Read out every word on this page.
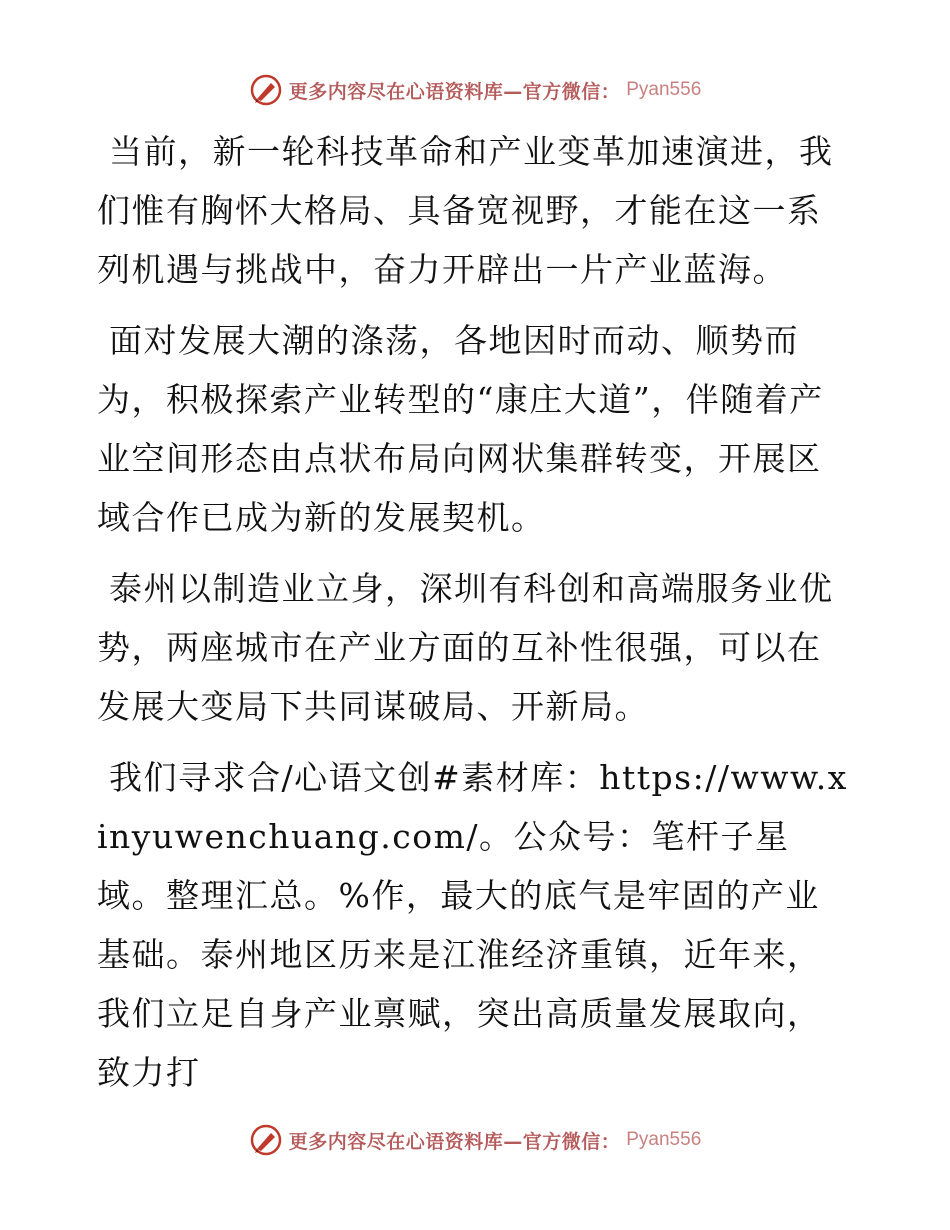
更多内容尽在心语资料库—官方微信： Pyan556

当前，新一轮科技革命和产业变革加速演进，我们惟有胸怀大格局、具备宽视野，才能在这一系列机遇与挑战中，奋力开辟出一片产业蓝海。

面对发展大潮的涤荡，各地因时而动、顺势而为，积极探索产业转型的“康庄大道”，伴随着产业空间形态由点状布局向网状集群转变，开展区域合作已成为新的发展契机。

泰州以制造业立身，深圳有科创和高端服务业优势，两座城市在产业方面的互补性很强，可以在发展大变局下共同谋破局、开新局。

我们寻求合/心语文创#素材库：https://www.xinyuwenchuang.com/。公众号：笔杆子星域。整理汇总。%作，最大的底气是牢固的产业基础。泰州地区历来是江淮经济重镇，近年来，我们立足自身产业禀赋，突出高质量发展取向，致力打

更多内容尽在心语资料库—官方微信： Pyan556
